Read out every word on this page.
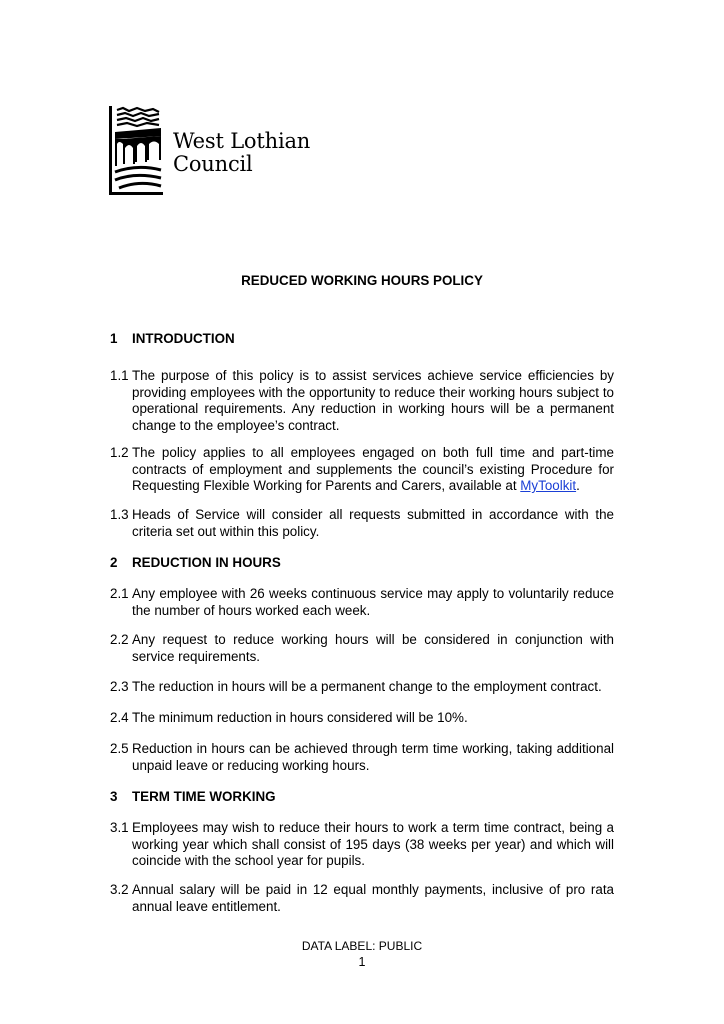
West Lothian
Council
REDUCED WORKING HOURS POLICY
1 INTRODUCTION
1.1 The purpose of this policy is to assist services achieve service efficiencies by providing employees with the opportunity to reduce their working hours subject to operational requirements. Any reduction in working hours will be a permanent change to the employee’s contract.
1.2 The policy applies to all employees engaged on both full time and part-time contracts of employment and supplements the council’s existing Procedure for Requesting Flexible Working for Parents and Carers, available at MyToolkit.
1.3 Heads of Service will consider all requests submitted in accordance with the criteria set out within this policy.
2 REDUCTION IN HOURS
2.1 Any employee with 26 weeks continuous service may apply to voluntarily reduce the number of hours worked each week.
2.2 Any request to reduce working hours will be considered in conjunction with service requirements.
2.3 The reduction in hours will be a permanent change to the employment contract.
2.4 The minimum reduction in hours considered will be 10%.
2.5 Reduction in hours can be achieved through term time working, taking additional unpaid leave or reducing working hours.
3 TERM TIME WORKING
3.1 Employees may wish to reduce their hours to work a term time contract, being a working year which shall consist of 195 days (38 weeks per year) and which will coincide with the school year for pupils.
3.2 Annual salary will be paid in 12 equal monthly payments, inclusive of pro rata annual leave entitlement.
DATA LABEL: PUBLIC
1
